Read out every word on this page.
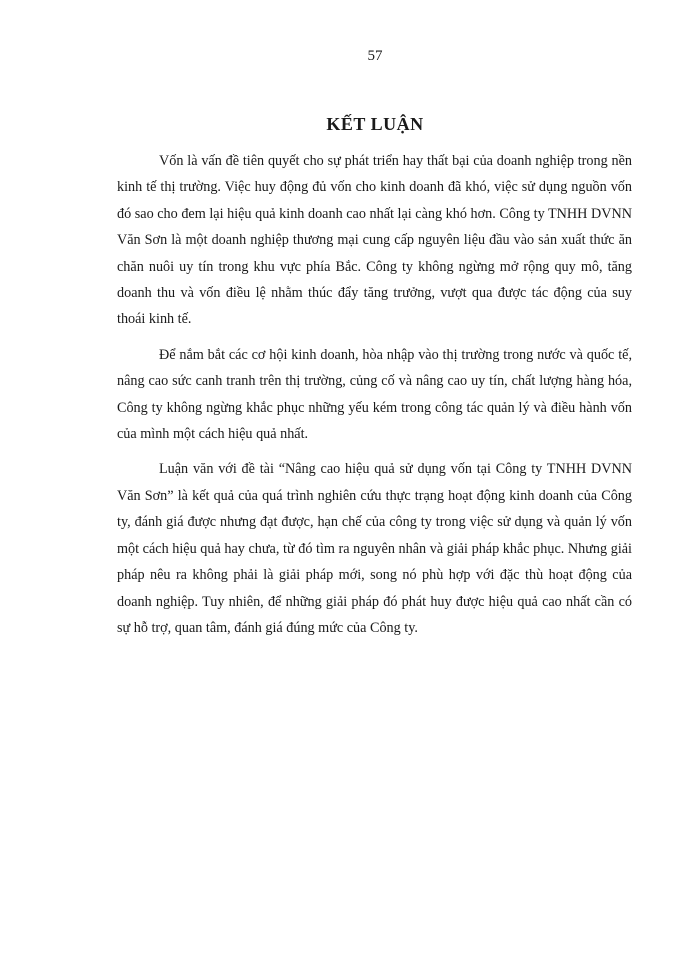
57
KẾT LUẬN

Vốn là vấn đề tiên quyết cho sự phát triển hay thất bại của doanh nghiệp trong nền kinh tế thị trường. Việc huy động đủ vốn cho kinh doanh đã khó, việc sử dụng nguồn vốn đó sao cho đem lại hiệu quả kinh doanh cao nhất lại càng khó hơn. Công ty TNHH DVNN Văn Sơn là một doanh nghiệp thương mại cung cấp nguyên liệu đầu vào sản xuất thức ăn chăn nuôi uy tín trong khu vực phía Bắc. Công ty không ngừng mở rộng quy mô, tăng doanh thu và vốn điều lệ nhằm thúc đẩy tăng trưởng, vượt qua được tác động của suy thoái kinh tế.

Để nắm bắt các cơ hội kinh doanh, hòa nhập vào thị trường trong nước và quốc tế, nâng cao sức canh tranh trên thị trường, củng cố và nâng cao uy tín, chất lượng hàng hóa, Công ty không ngừng khắc phục những yếu kém trong công tác quản lý và điều hành vốn của mình một cách hiệu quả nhất.

Luận văn với đề tài “Nâng cao hiệu quả sử dụng vốn tại Công ty TNHH DVNN Văn Sơn” là kết quả của quá trình nghiên cứu thực trạng hoạt động kinh doanh của Công ty, đánh giá được nhưng đạt được, hạn chế của công ty trong việc sử dụng và quản lý vốn một cách hiệu quả hay chưa, từ đó tìm ra nguyên nhân và giải pháp khắc phục. Nhưng giải pháp nêu ra không phải là giải pháp mới, song nó phù hợp với đặc thù hoạt động của doanh nghiệp. Tuy nhiên, để những giải pháp đó phát huy được hiệu quả cao nhất cần có sự hỗ trợ, quan tâm, đánh giá đúng mức của Công ty.
